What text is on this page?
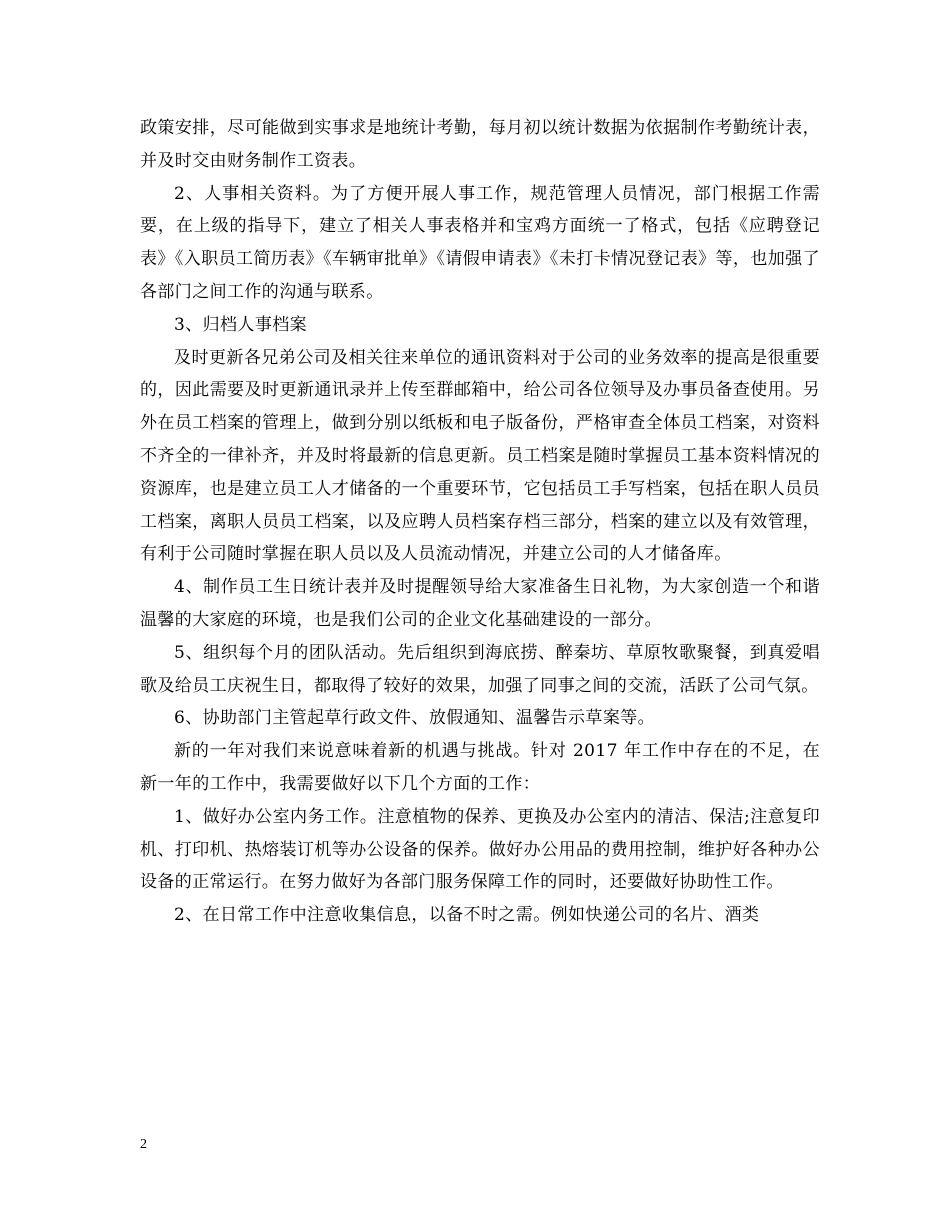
政策安排，尽可能做到实事求是地统计考勤，每月初以统计数据为依据制作考勤统计表，并及时交由财务制作工资表。

2、人事相关资料。为了方便开展人事工作，规范管理人员情况，部门根据工作需要，在上级的指导下，建立了相关人事表格并和宝鸡方面统一了格式，包括《应聘登记表》《入职员工简历表》《车辆审批单》《请假申请表》《未打卡情况登记表》等，也加强了各部门之间工作的沟通与联系。

3、归档人事档案

及时更新各兄弟公司及相关往来单位的通讯资料对于公司的业务效率的提高是很重要的，因此需要及时更新通讯录并上传至群邮箱中，给公司各位领导及办事员备查使用。另外在员工档案的管理上，做到分别以纸板和电子版备份，严格审查全体员工档案，对资料不齐全的一律补齐，并及时将最新的信息更新。员工档案是随时掌握员工基本资料情况的资源库，也是建立员工人才储备的一个重要环节，它包括员工手写档案，包括在职人员员工档案，离职人员员工档案，以及应聘人员档案存档三部分，档案的建立以及有效管理，有利于公司随时掌握在职人员以及人员流动情况，并建立公司的人才储备库。

4、制作员工生日统计表并及时提醒领导给大家准备生日礼物，为大家创造一个和谐温馨的大家庭的环境，也是我们公司的企业文化基础建设的一部分。

5、组织每个月的团队活动。先后组织到海底捞、醉秦坊、草原牧歌聚餐，到真爱唱歌及给员工庆祝生日，都取得了较好的效果，加强了同事之间的交流，活跃了公司气氛。

6、协助部门主管起草行政文件、放假通知、温馨告示草案等。

新的一年对我们来说意味着新的机遇与挑战。针对 2017 年工作中存在的不足，在新一年的工作中，我需要做好以下几个方面的工作：

1、做好办公室内务工作。注意植物的保养、更换及办公室内的清洁、保洁;注意复印机、打印机、热熔装订机等办公设备的保养。做好办公用品的费用控制，维护好各种办公设备的正常运行。在努力做好为各部门服务保障工作的同时，还要做好协助性工作。

2、在日常工作中注意收集信息，以备不时之需。例如快递公司的名片、酒类

2
